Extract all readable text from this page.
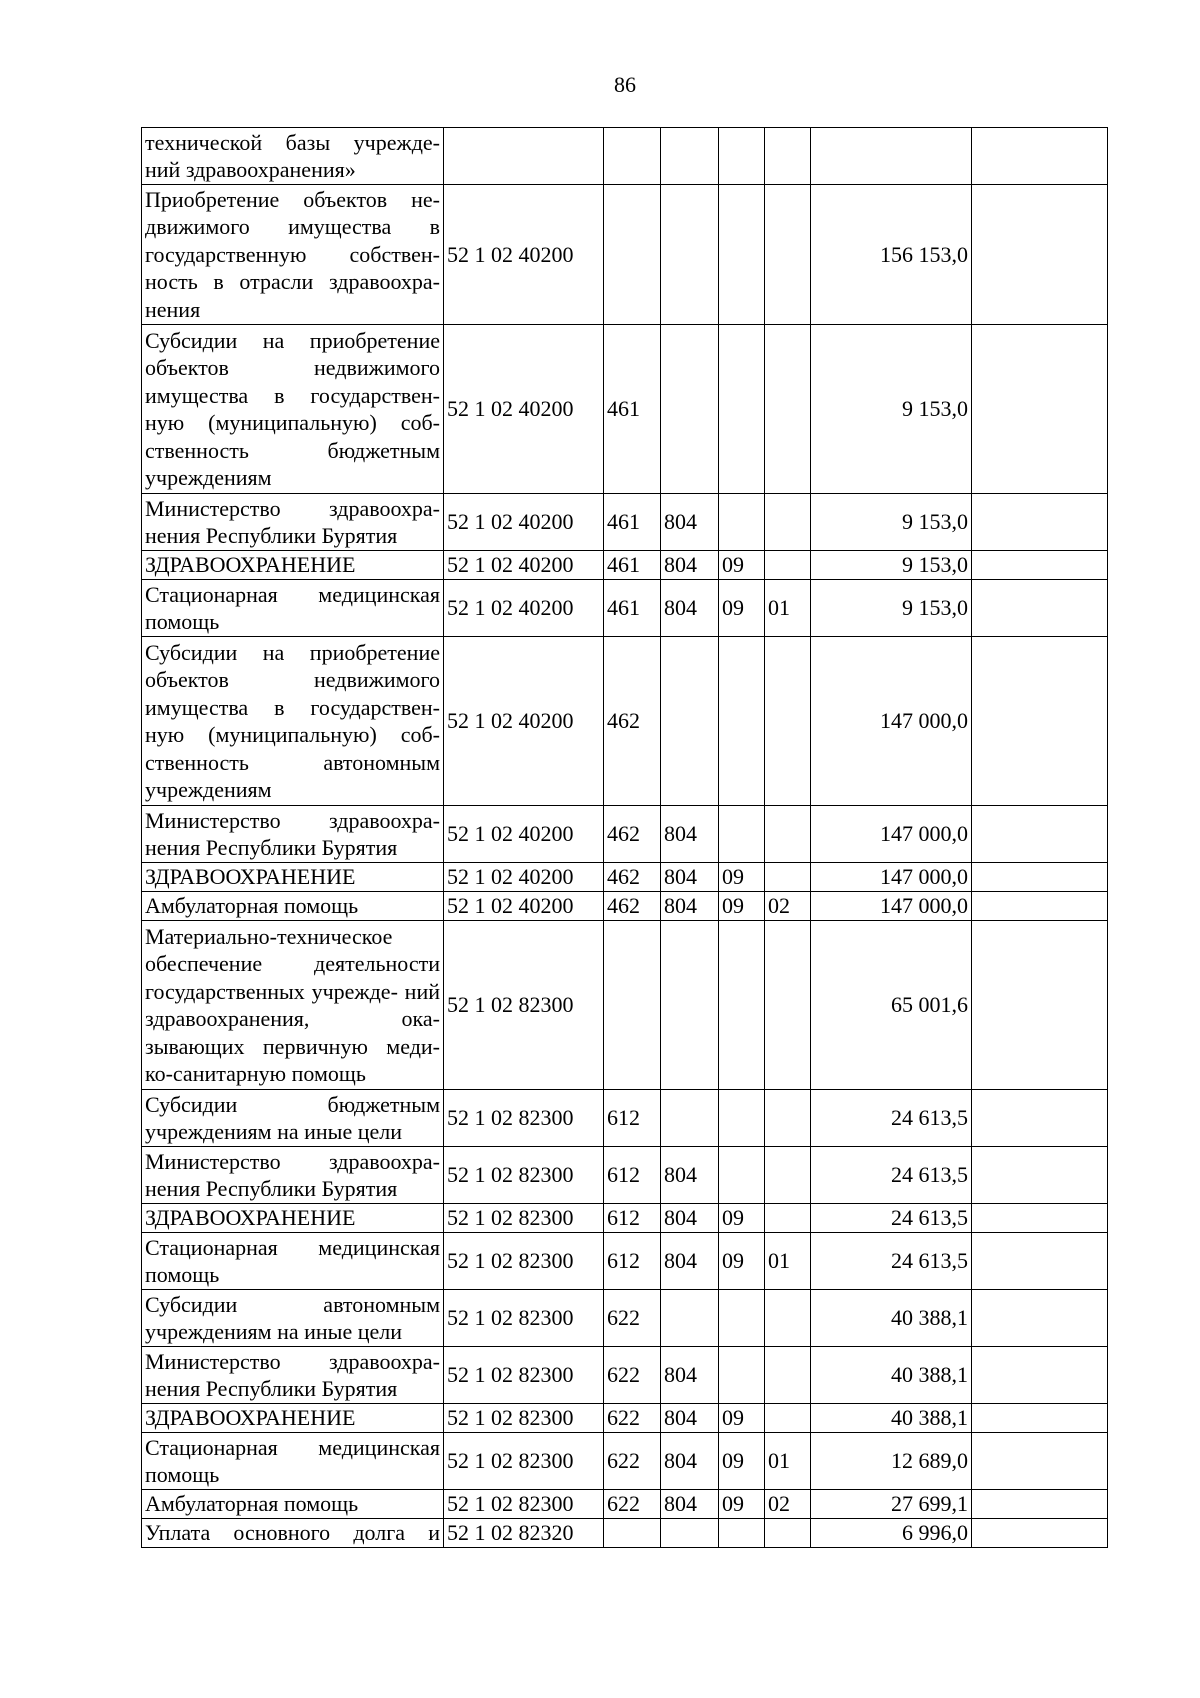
86
технической базы учрежде- ний здравоохранения»							
Приобретение объектов не- движимого имущества в государственную собствен- ность в отрасли здравоохра- нения	52 1 02 40200					156 153,0	
Субсидии на приобретение объектов недвижимого имущества в государствен- ную (муниципальную) соб- ственность бюджетным учреждениям	52 1 02 40200	461				9 153,0	
Министерство здравоохра- нения Республики Бурятия	52 1 02 40200	461	804			9 153,0	
ЗДРАВООХРАНЕНИЕ	52 1 02 40200	461	804	09		9 153,0	
Стационарная медицинская помощь	52 1 02 40200	461	804	09	01	9 153,0	
Субсидии на приобретение объектов недвижимого имущества в государствен- ную (муниципальную) соб- ственность автономным учреждениям	52 1 02 40200	462				147 000,0	
Министерство здравоохра- нения Республики Бурятия	52 1 02 40200	462	804			147 000,0	
ЗДРАВООХРАНЕНИЕ	52 1 02 40200	462	804	09		147 000,0	
Амбулаторная помощь	52 1 02 40200	462	804	09	02	147 000,0	
Материально-техническое обеспечение деятельности государственных учрежде- ний здравоохранения, ока- зывающих первичную меди- ко-санитарную помощь	52 1 02 82300					65 001,6	
Субсидии бюджетным учреждениям на иные цели	52 1 02 82300	612				24 613,5	
Министерство здравоохра- нения Республики Бурятия	52 1 02 82300	612	804			24 613,5	
ЗДРАВООХРАНЕНИЕ	52 1 02 82300	612	804	09		24 613,5	
Стационарная медицинская помощь	52 1 02 82300	612	804	09	01	24 613,5	
Субсидии автономным учреждениям на иные цели	52 1 02 82300	622				40 388,1	
Министерство здравоохра- нения Республики Бурятия	52 1 02 82300	622	804			40 388,1	
ЗДРАВООХРАНЕНИЕ	52 1 02 82300	622	804	09		40 388,1	
Стационарная медицинская помощь	52 1 02 82300	622	804	09	01	12 689,0	
Амбулаторная помощь	52 1 02 82300	622	804	09	02	27 699,1	
Уплата основного долга и	52 1 02 82320					6 996,0	
